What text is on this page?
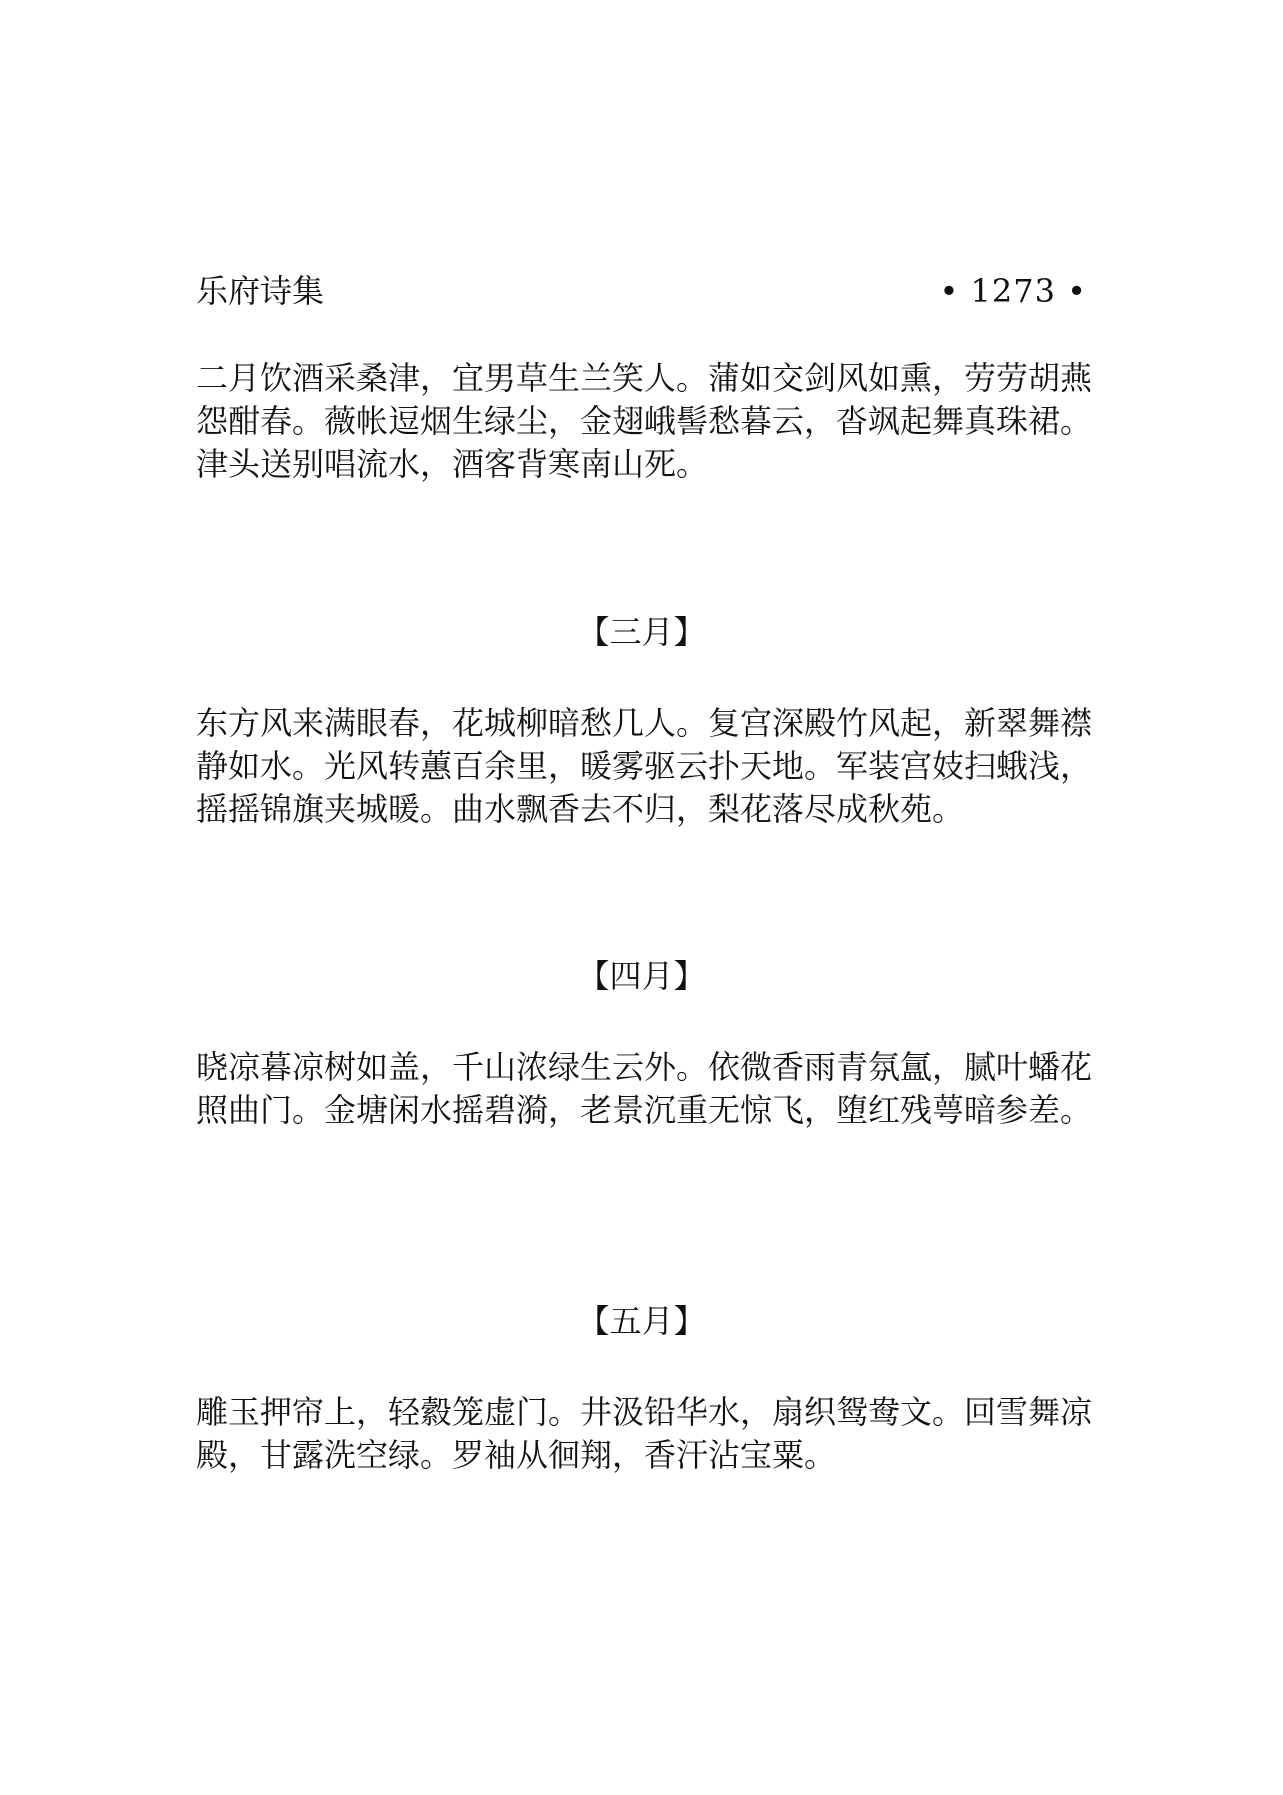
乐府诗集	• 1273 •

二月饮酒采桑津，宜男草生兰笑人。蒲如交剑风如熏，劳劳胡燕怨酣春。薇帐逗烟生绿尘，金翅峨髻愁暮云，沓飒起舞真珠裙。津头送别唱流水，酒客背寒南山死。

【三月】

东方风来满眼春，花城柳暗愁几人。复宫深殿竹风起，新翠舞襟静如水。光风转蕙百余里，暖雾驱云扑天地。军装宫妓扫蛾浅，摇摇锦旗夹城暖。曲水飘香去不归，梨花落尽成秋苑。

【四月】

晓凉暮凉树如盖，千山浓绿生云外。依微香雨青氛氲，腻叶蟠花照曲门。金塘闲水摇碧漪，老景沉重无惊飞，堕红残萼暗参差。

【五月】

雕玉押帘上，轻縠笼虚门。井汲铅华水，扇织鸳鸯文。回雪舞凉殿，甘露洗空绿。罗袖从徊翔，香汗沾宝粟。
